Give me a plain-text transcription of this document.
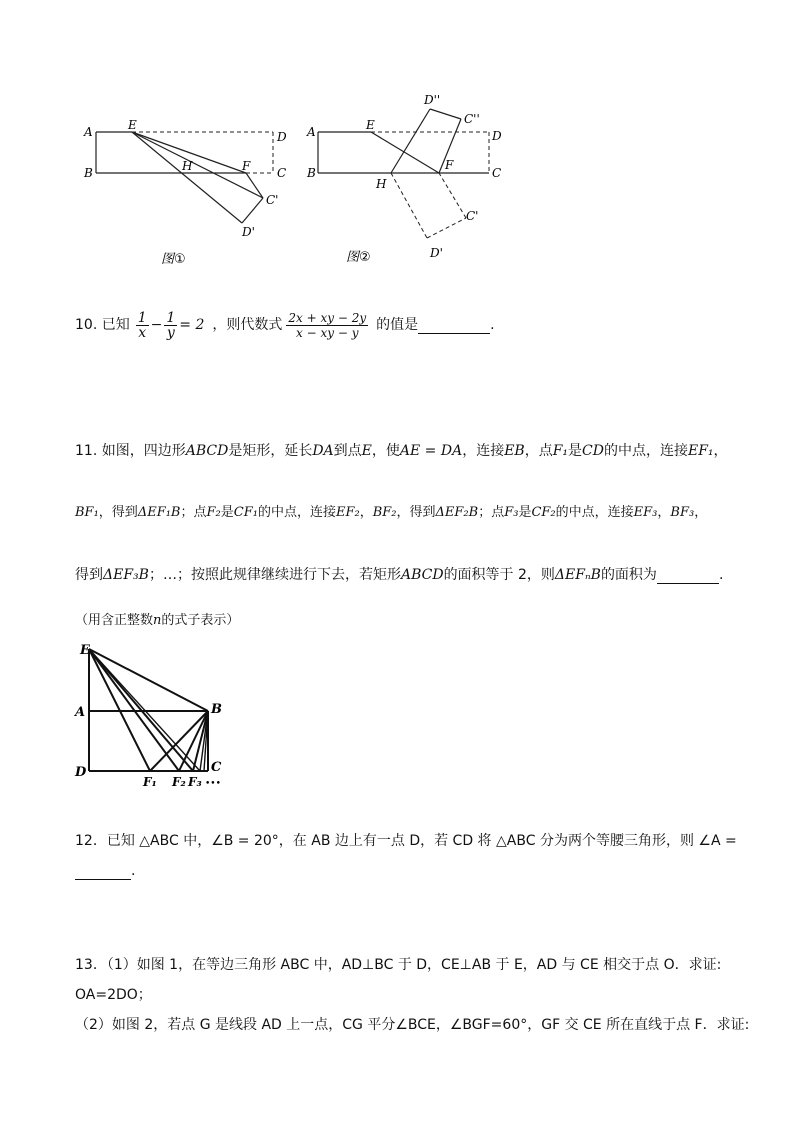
A
B
E
D
C
H	F
C'
D'
图①
A
B
E
D
C
F
H
D''
C''
C'
D'
图②
10. 已知 $\frac{1}{x} - \frac{1}{y} = 2$ ，则代数式 $\frac{2x + xy - 2y}{x - xy - y}$ 的值是	.
11. 如图，四边形ABCD是矩形，延长DA到点E，使AE = DA，连接EB，点F₁是CD的中点，连接EF₁，
BF₁，得到ΔEF₁B；点F₂是CF₁的中点，连接EF₂，BF₂，得到ΔEF₂B；点F₃是CF₂的中点，连接EF₃，BF₃，
得到ΔEF₃B；…；按照此规律继续进行下去，若矩形ABCD的面积等于 2，则ΔEFₙB的面积为	.
（用含正整数n的式子表示）
E
A	B
D	C
F₁ F₂ F₃ •••
12．已知 △ABC 中，∠B = 20°，在 AB 边上有一点 D，若 CD 将 △ABC 分为两个等腰三角形，则 ∠A =
.
13．（1）如图 1，在等边三角形 ABC 中，AD⊥BC 于 D，CE⊥AB 于 E，AD 与 CE 相交于点 O．求证:
OA=2DO；
（2）如图 2，若点 G 是线段 AD 上一点，CG 平分∠BCE，∠BGF=60°，GF 交 CE 所在直线于点 F．求证:
